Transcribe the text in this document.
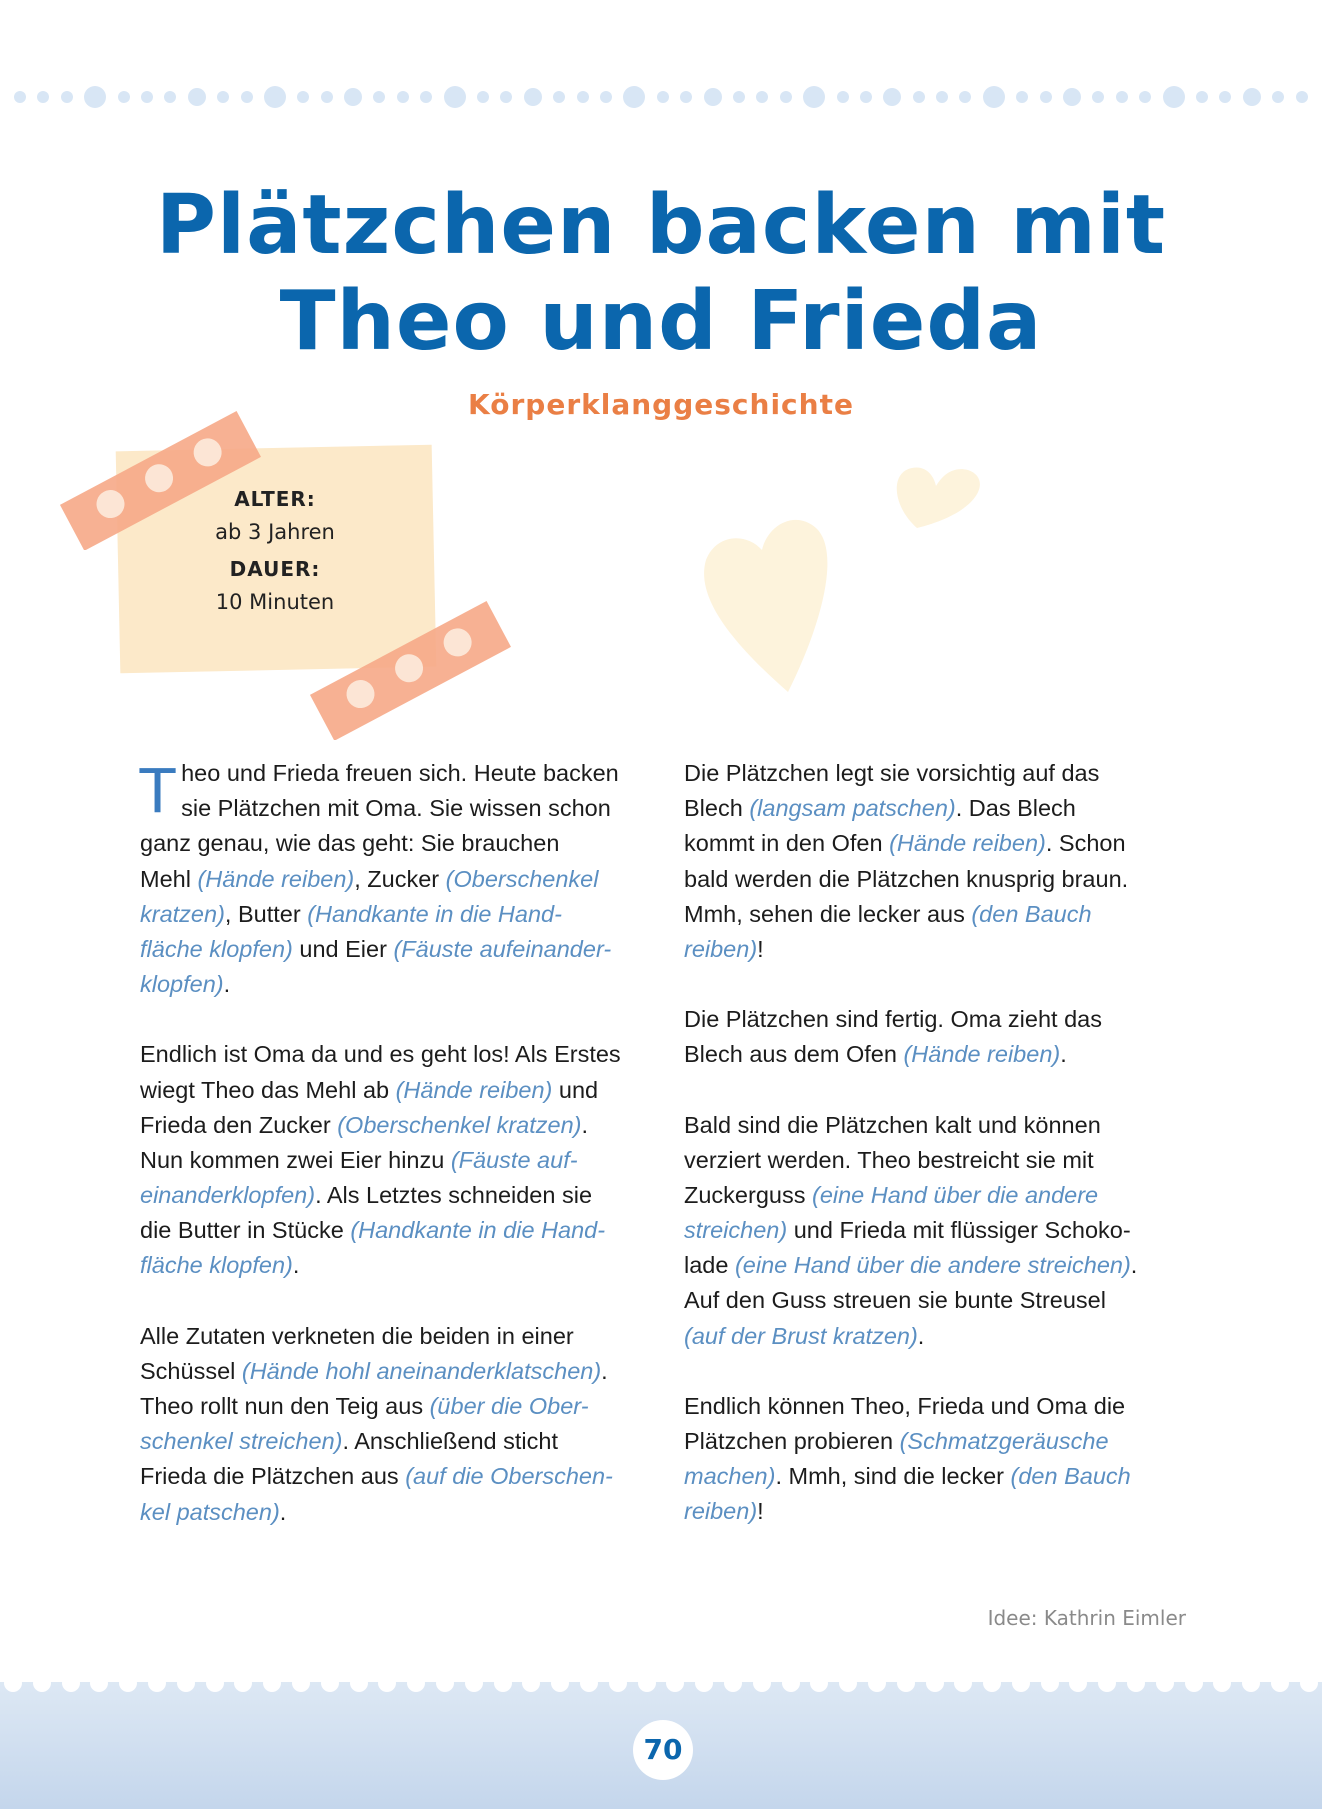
Plätzchen backen mit
Theo und Frieda
Körperklanggeschichte
ALTER:
ab 3 Jahren
DAUER:
10 Minuten

T heo und Frieda freuen sich. Heute backen
sie Plätzchen mit Oma. Sie wissen schon
ganz genau, wie das geht: Sie brauchen
Mehl (Hände reiben), Zucker (Oberschenkel
kratzen), Butter (Handkante in die Hand-
fläche klopfen) und Eier (Fäuste aufeinander-
klopfen).

Endlich ist Oma da und es geht los! Als Erstes
wiegt Theo das Mehl ab (Hände reiben) und
Frieda den Zucker (Oberschenkel kratzen).
Nun kommen zwei Eier hinzu (Fäuste auf-
einanderklopfen). Als Letztes schneiden sie
die Butter in Stücke (Handkante in die Hand-
fläche klopfen).

Alle Zutaten verkneten die beiden in einer
Schüssel (Hände hohl aneinanderklatschen).
Theo rollt nun den Teig aus (über die Ober-
schenkel streichen). Anschließend sticht
Frieda die Plätzchen aus (auf die Oberschen-
kel patschen).

Die Plätzchen legt sie vorsichtig auf das
Blech (langsam patschen). Das Blech
kommt in den Ofen (Hände reiben). Schon
bald werden die Plätzchen knusprig braun.
Mmh, sehen die lecker aus (den Bauch
reiben)!

Die Plätzchen sind fertig. Oma zieht das
Blech aus dem Ofen (Hände reiben).

Bald sind die Plätzchen kalt und können
verziert werden. Theo bestreicht sie mit
Zuckerguss (eine Hand über die andere
streichen) und Frieda mit flüssiger Schoko-
lade (eine Hand über die andere streichen).
Auf den Guss streuen sie bunte Streusel
(auf der Brust kratzen).

Endlich können Theo, Frieda und Oma die
Plätzchen probieren (Schmatzgeräusche
machen). Mmh, sind die lecker (den Bauch
reiben)!

Idee: Kathrin Eimler
70
